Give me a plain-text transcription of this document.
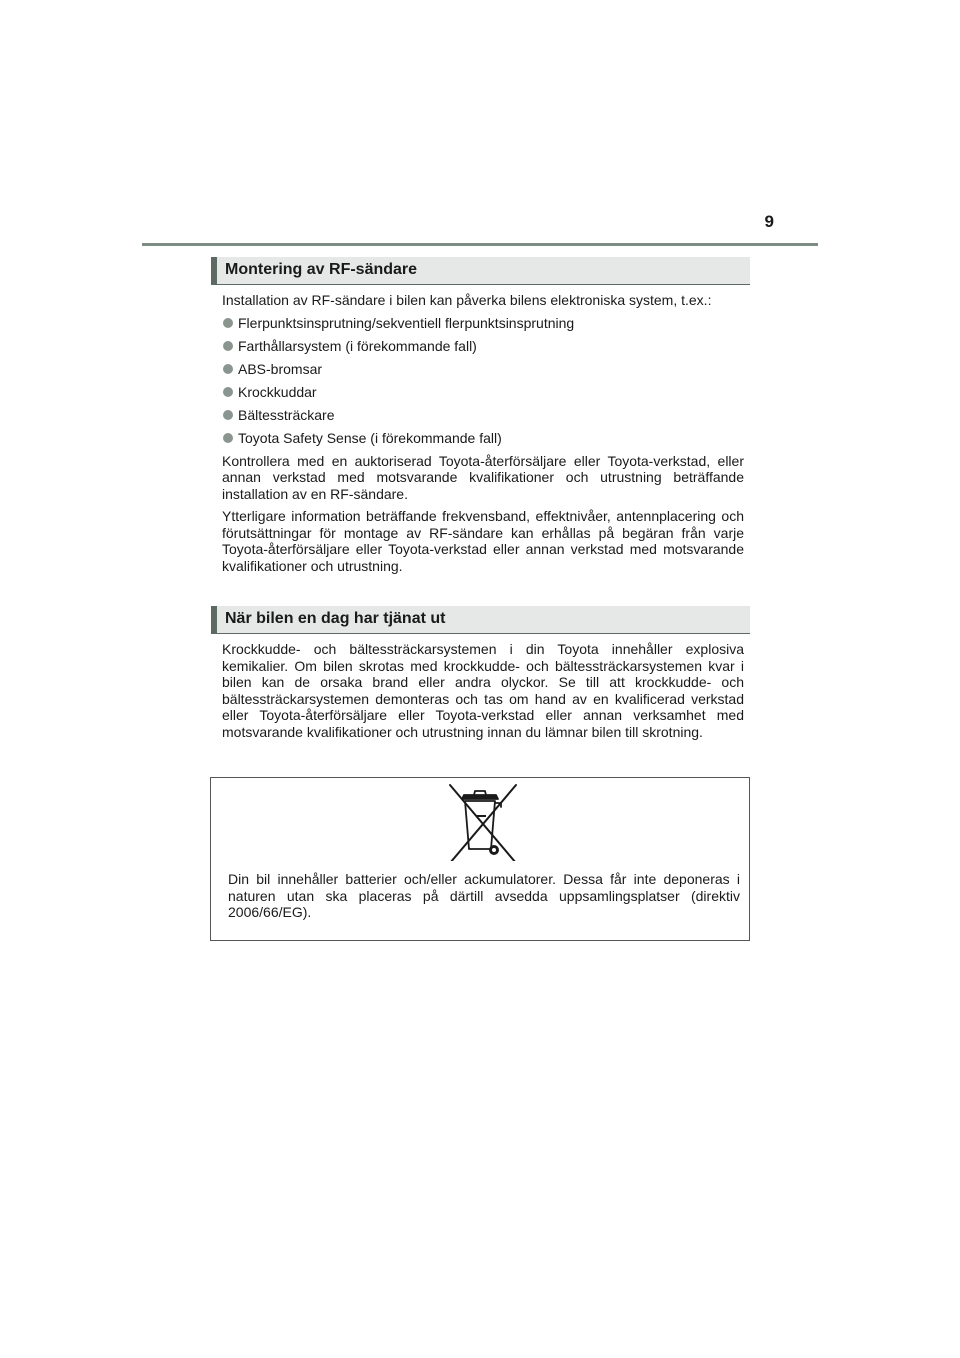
9
Montering av RF-sändare

Installation av RF-sändare i bilen kan påverka bilens elektroniska system, t.ex.:

Flerpunktsinsprutning/sekventiell flerpunktsinsprutning
Farthållarsystem (i förekommande fall)
ABS-bromsar
Krockkuddar
Bältessträckare
Toyota Safety Sense (i förekommande fall)

Kontrollera med en auktoriserad Toyota-återförsäljare eller Toyota-verkstad, eller annan verkstad med motsvarande kvalifikationer och utrustning beträffande installation av en RF-sändare.

Ytterligare information beträffande frekvensband, effektnivåer, antennplacering och förutsättningar för montage av RF-sändare kan erhållas på begäran från varje Toyota-återförsäljare eller Toyota-verkstad eller annan verkstad med motsvarande kvalifikationer och utrustning.

När bilen en dag har tjänat ut

Krockkudde- och bältessträckarsystemen i din Toyota innehåller explosiva kemikalier. Om bilen skrotas med krockkudde- och bältessträckarsystemen kvar i bilen kan de orsaka brand eller andra olyckor. Se till att krockkudde- och bältessträckarsystemen demonteras och tas om hand av en kvalificerad verkstad eller Toyota-återförsäljare eller Toyota-verkstad eller annan verksamhet med motsvarande kvalifikationer och utrustning innan du lämnar bilen till skrotning.

Din bil innehåller batterier och/eller ackumulatorer. Dessa får inte deponeras i naturen utan ska placeras på därtill avsedda uppsamlingsplatser (direktiv 2006/66/EG).
